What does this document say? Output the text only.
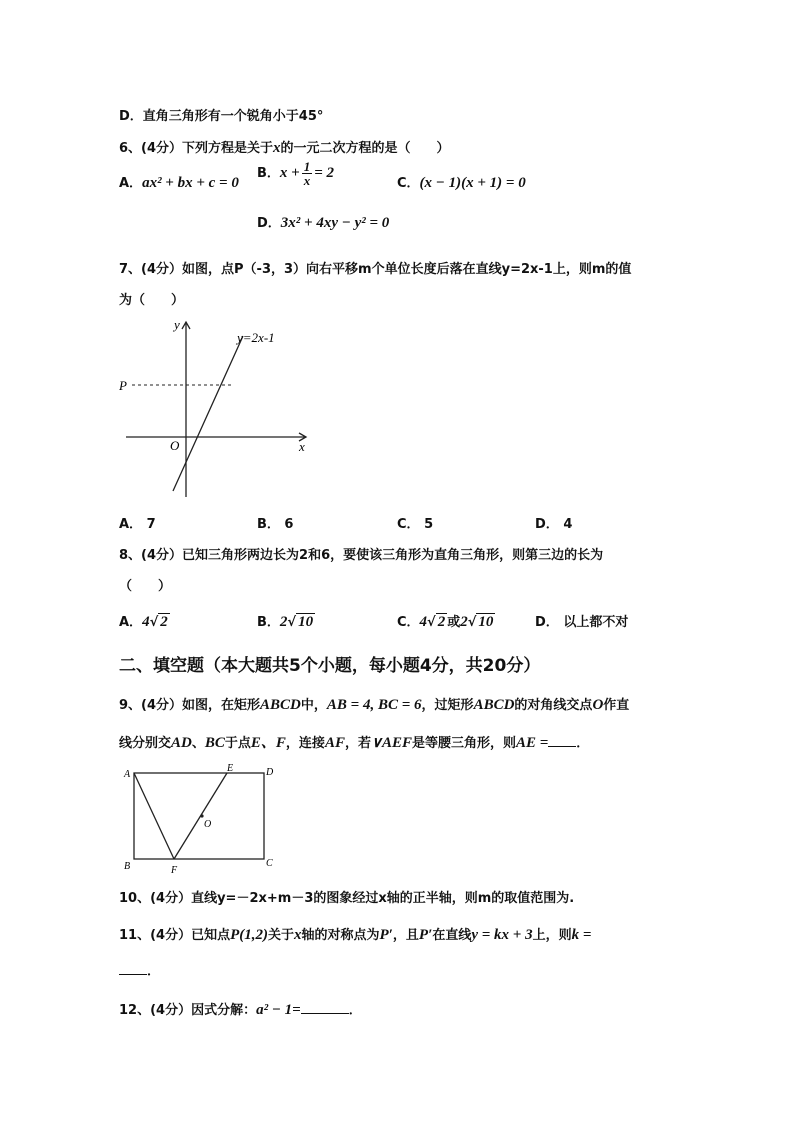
D．直角三角形有一个锐角小于45°
6、(4分）下列方程是关于x的一元二次方程的是（　　）
A．ax² + bx + c = 0
B．$x + \frac{1}{x} = 2$
C．(x − 1)(x + 1) = 0
D．3x² + 4xy − y² = 0
7、(4分）如图，点P（-3，3）向右平移m个单位长度后落在直线y=2x-1上，则m的值
为（　　）
y=2x-1
y
x
O
P
A． 7	B． 6	C． 5	D． 4
8、(4分）已知三角形两边长为2和6，要使该三角形为直角三角形，则第三边的长为
（　　）
A．4√ 2	B．2√ 10	C．4√ 2 或2√ 10	D． 以上都不对
二、填空题（本大题共5个小题，每小题4分，共20分）
9、(4分）如图，在矩形ABCD中，AB = 4, BC = 6，过矩形ABCD的对角线交点O作直
线分别交AD、BC于点E、F，连接AF，若∨AEF是等腰三角形，则AE = ．
A
B	C
D
E
F
O
10、(4分）直线y=－2x+m－3的图象经过x轴的正半轴，则m的取值范围为.
11、(4分）已知点P(1,2)关于x轴的对称点为P′，且P′在直线y = kx + 3上，则k =
．
12、(4分）因式分解：a² − 1=	．
